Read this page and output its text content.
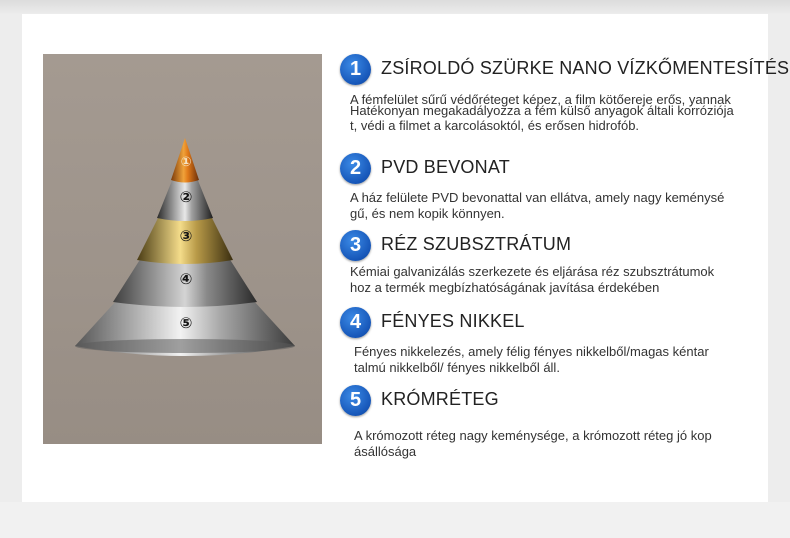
①
②
③
④
⑤
1	ZSÍROLDÓ SZÜRKE NANO VÍZKŐMENTESÍTÉS
A fémfelület sűrű védőréteget képez, a film kötőereje erős, yannak
Hatékonyan megakadályozza a fém külső anyagok általi korróziója
t, védi a filmet a karcolásoktól, és erősen hidrofób.
2	PVD BEVONAT
A ház felülete PVD bevonattal van ellátva, amely nagy keménysé
gű, és nem kopik könnyen.
3	RÉZ SZUBSZTRÁTUM
Kémiai galvanizálás szerkezete és eljárása réz szubsztrátumok
hoz a termék megbízhatóságának javítása érdekében
4	FÉNYES NIKKEL
Fényes nikkelezés, amely félig fényes nikkelből/magas kéntar
talmú nikkelből/ fényes nikkelből áll.
5	KRÓMRÉTEG
A krómozott réteg nagy keménysége, a krómozott réteg jó kop
ásállósága
